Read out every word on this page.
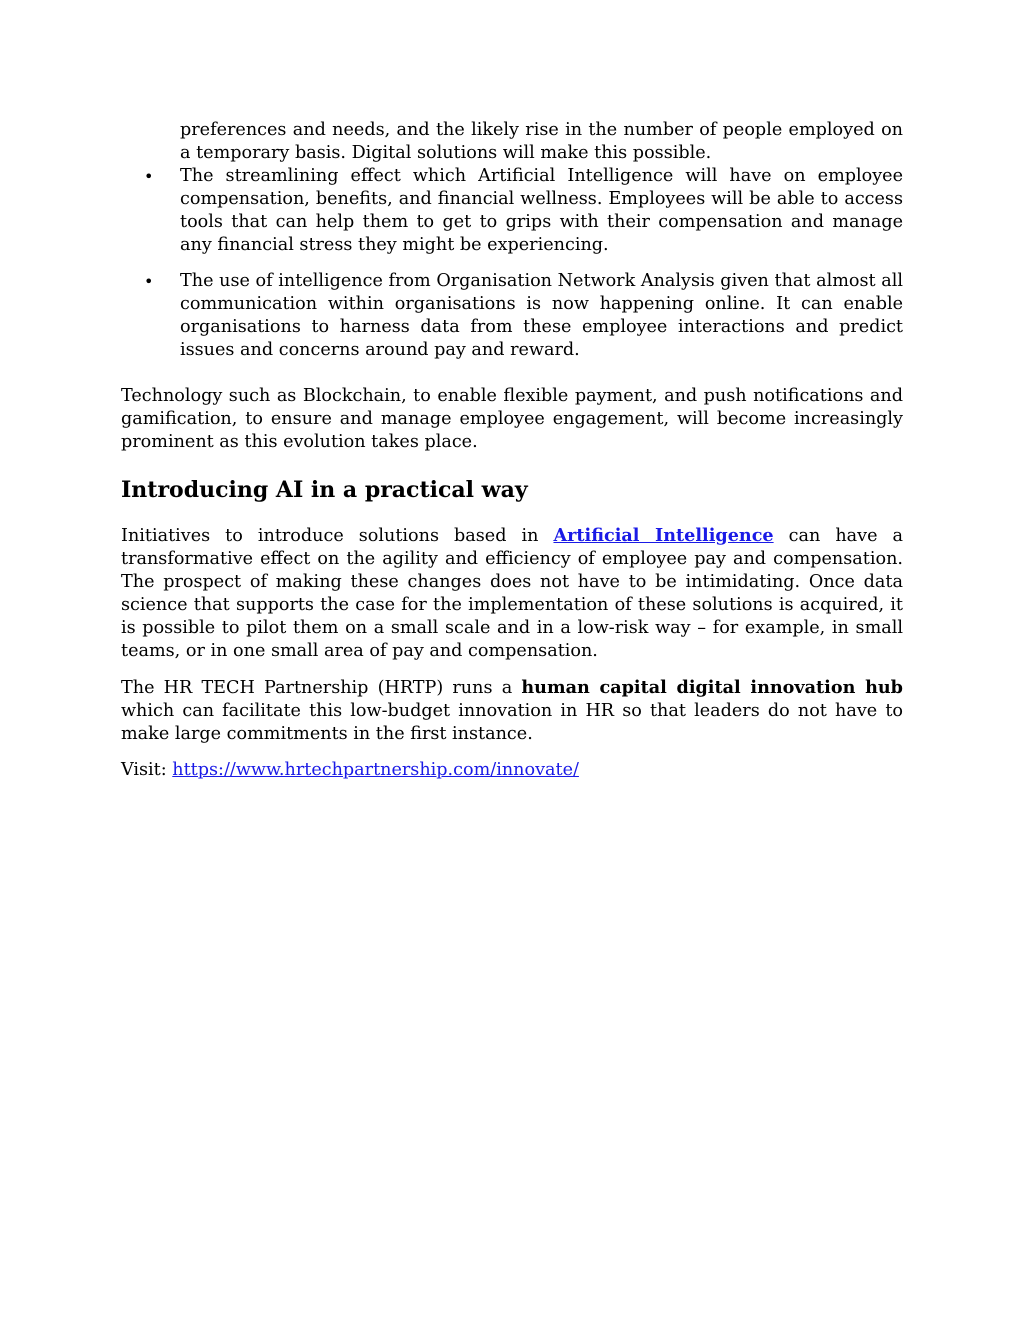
preferences and needs, and the likely rise in the number of people employed on a temporary basis. Digital solutions will make this possible.

• The streamlining effect which Artificial Intelligence will have on employee compensation, benefits, and financial wellness. Employees will be able to access tools that can help them to get to grips with their compensation and manage any financial stress they might be experiencing.
• The use of intelligence from Organisation Network Analysis given that almost all communication within organisations is now happening online. It can enable organisations to harness data from these employee interactions and predict issues and concerns around pay and reward.

Technology such as Blockchain, to enable flexible payment, and push notifications and gamification, to ensure and manage employee engagement, will become increasingly prominent as this evolution takes place.

Introducing AI in a practical way

Initiatives to introduce solutions based in Artificial Intelligence can have a transformative effect on the agility and efficiency of employee pay and compensation. The prospect of making these changes does not have to be intimidating. Once data science that supports the case for the implementation of these solutions is acquired, it is possible to pilot them on a small scale and in a low-risk way – for example, in small teams, or in one small area of pay and compensation.

The HR TECH Partnership (HRTP) runs a human capital digital innovation hub which can facilitate this low-budget innovation in HR so that leaders do not have to make large commitments in the first instance.

Visit: https://www.hrtechpartnership.com/innovate/
